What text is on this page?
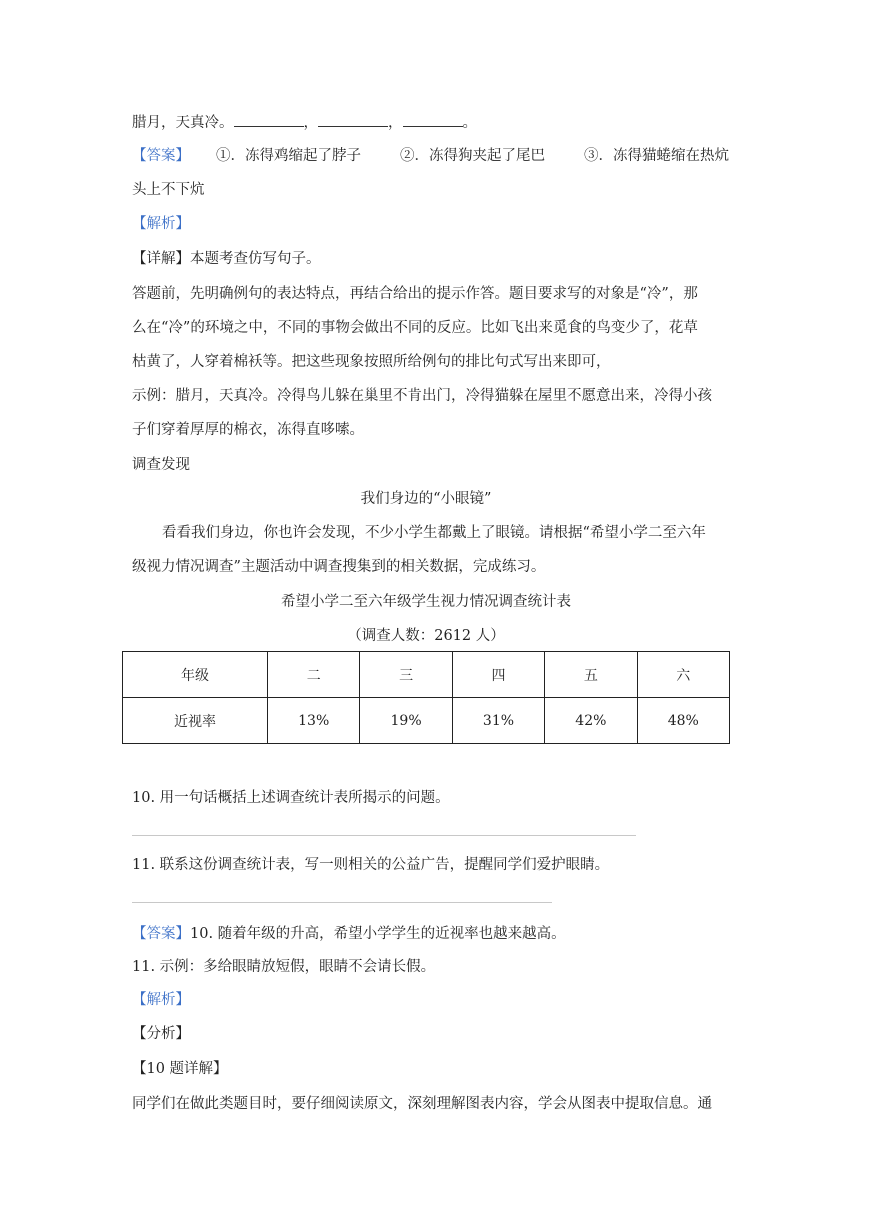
腊月，天真冷。	，	，	。
【答案】 ①．冻得鸡缩起了脖子	②．冻得狗夹起了尾巴	③．冻得猫蜷缩在热炕
头上不下炕
【解析】
【详解】本题考查仿写句子。
答题前，先明确例句的表达特点，再结合给出的提示作答。题目要求写的对象是“冷”，那
么在“冷”的环境之中，不同的事物会做出不同的反应。比如飞出来觅食的鸟变少了，花草
枯黄了，人穿着棉袄等。把这些现象按照所给例句的排比句式写出来即可，
示例：腊月，天真冷。冷得鸟儿躲在巢里不肯出门，冷得猫躲在屋里不愿意出来，冷得小孩
子们穿着厚厚的棉衣，冻得直哆嗦。
调查发现
我们身边的“小眼镜”
看看我们身边，你也许会发现，不少小学生都戴上了眼镜。请根据“希望小学二至六年
级视力情况调查”主题活动中调查搜集到的相关数据，完成练习。
希望小学二至六年级学生视力情况调查统计表
（调查人数：2612 人）
年级	二	三	四	五	六
近视率	13%	19%	31%	42%	48%
10. 用一句话概括上述调查统计表所揭示的问题。
11. 联系这份调查统计表，写一则相关的公益广告，提醒同学们爱护眼睛。
【答案】10. 随着年级的升高，希望小学学生的近视率也越来越高。
11. 示例：多给眼睛放短假，眼睛不会请长假。
【解析】
【分析】
【10 题详解】
同学们在做此类题目时，要仔细阅读原文，深刻理解图表内容，学会从图表中提取信息。通
